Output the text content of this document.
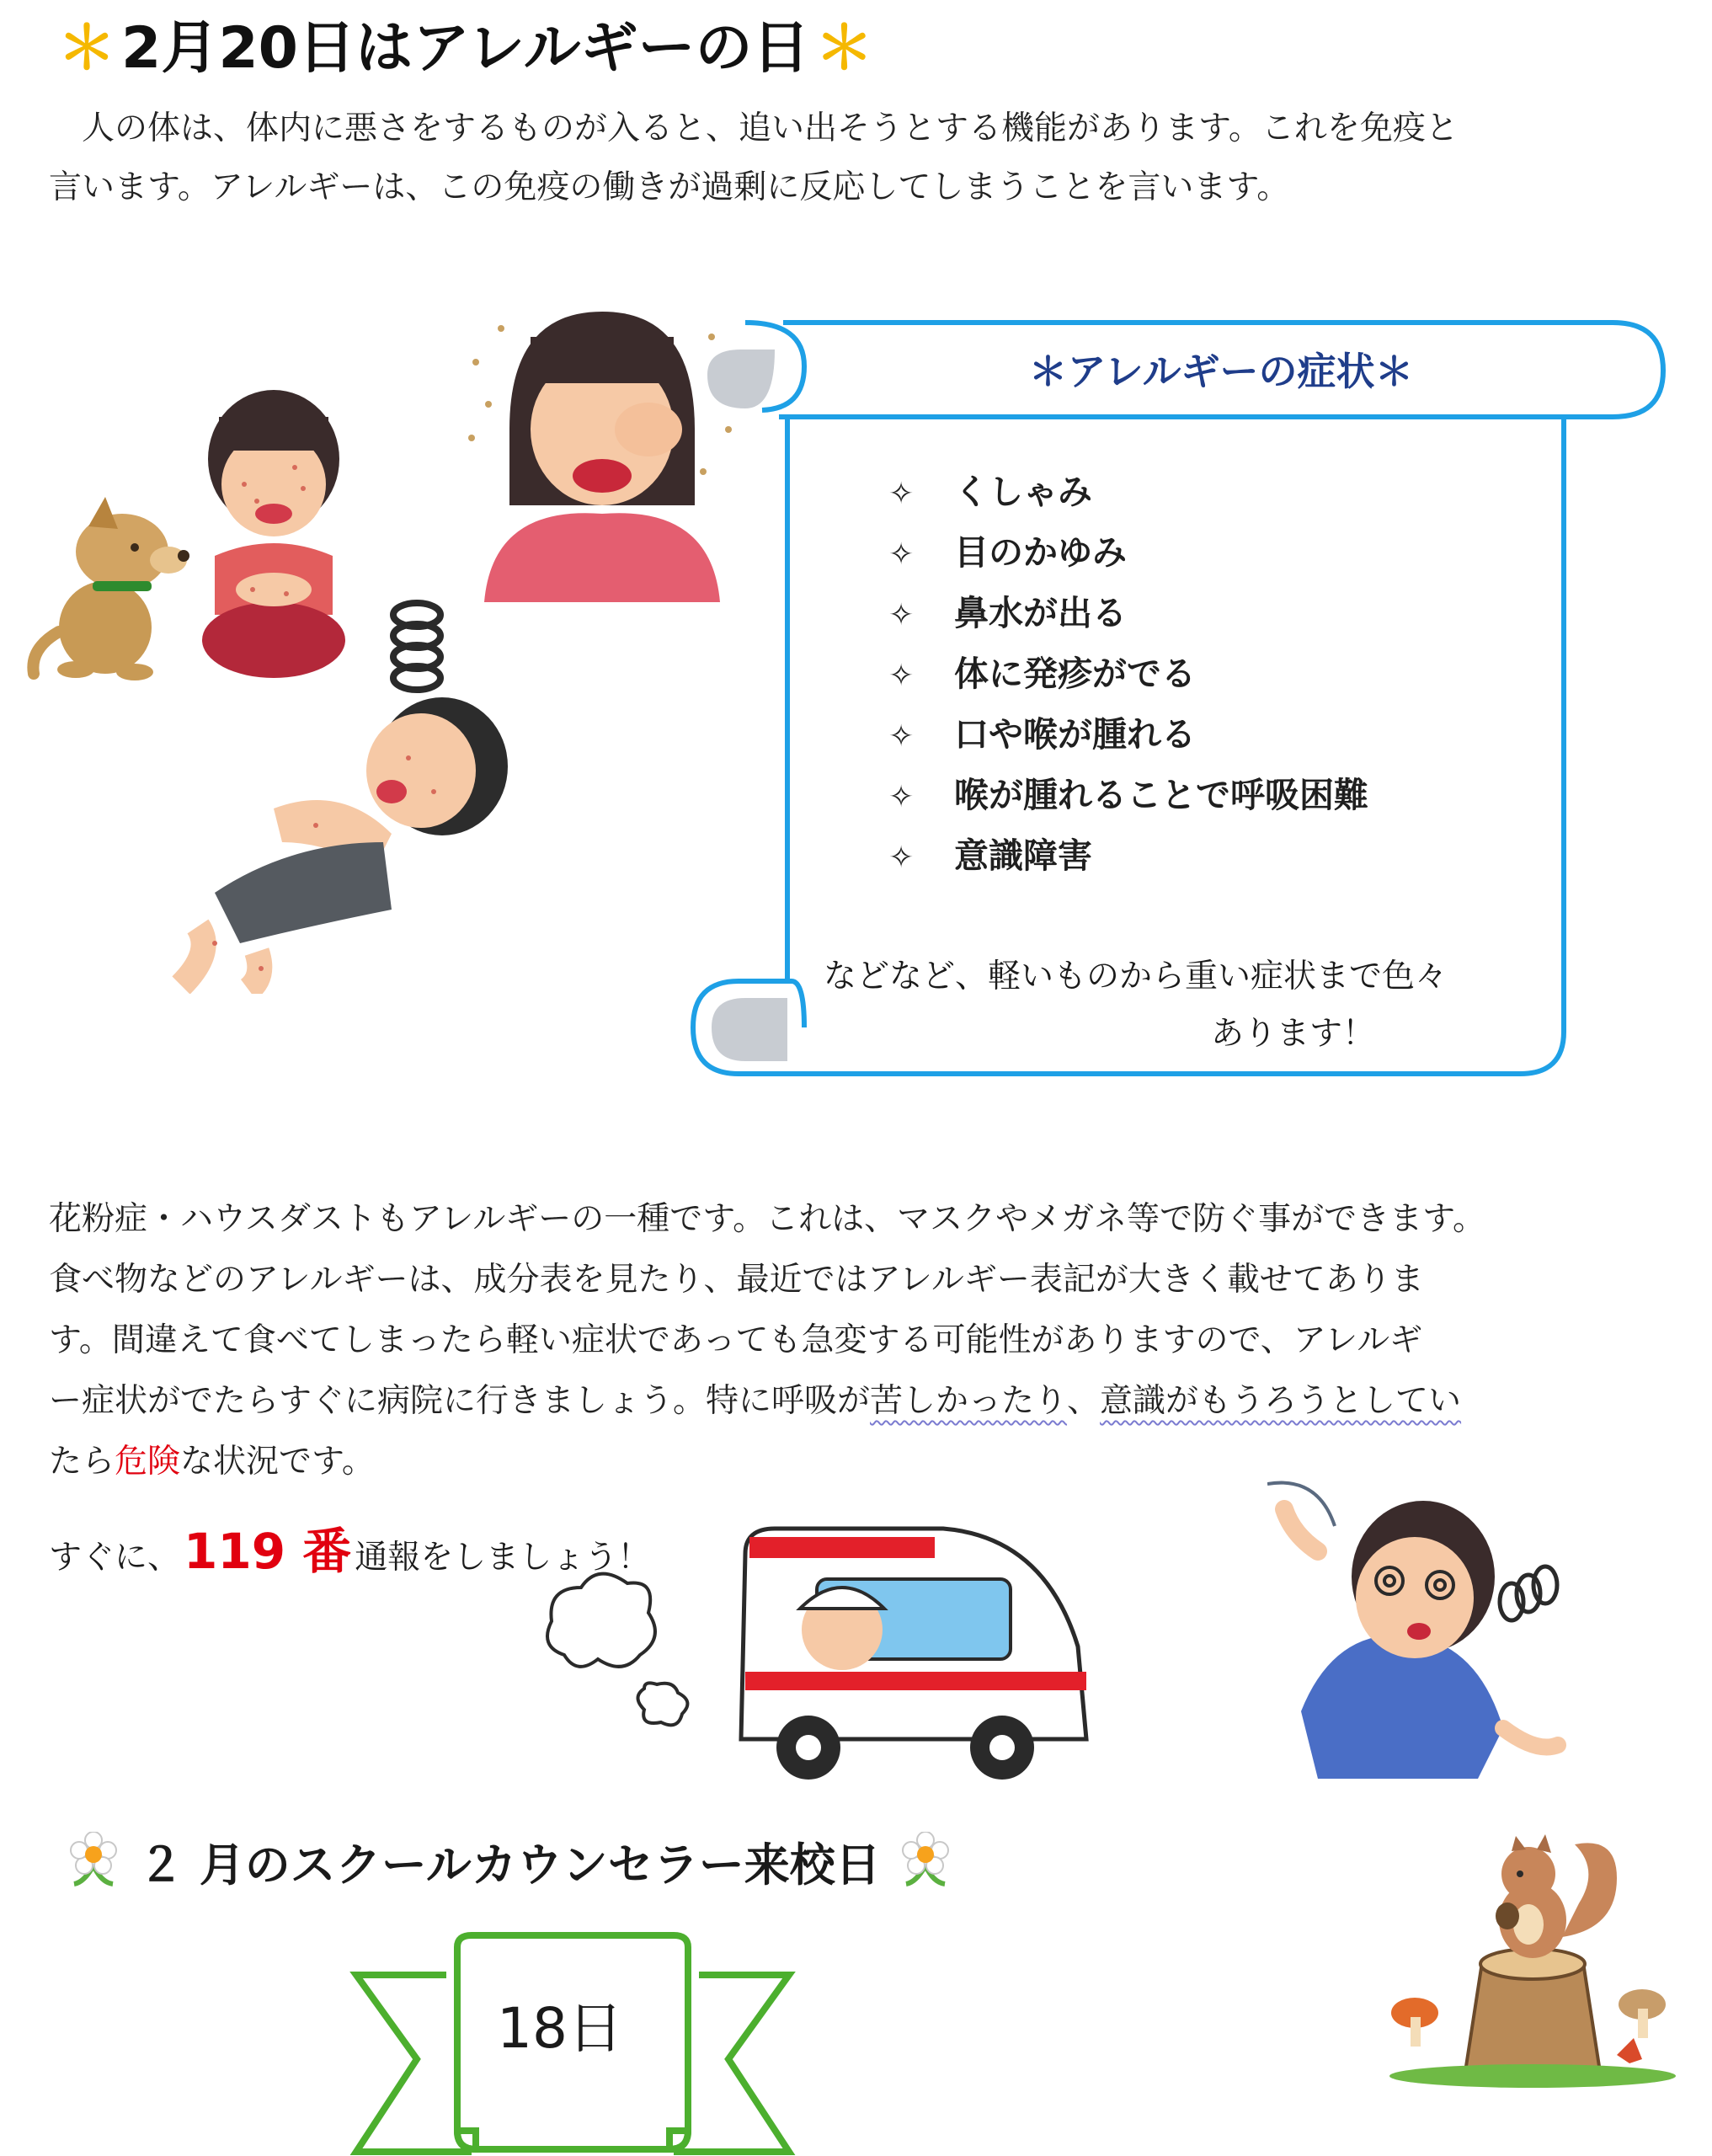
＊ 2月20日はアレルギーの日 ＊

　人の体は、体内に悪さをするものが入ると、追い出そうとする機能があります。これを免疫と

言います。アレルギーは、この免疫の働きが過剰に反応してしまうことを言います。

＊アレルギーの症状＊
✧ くしゃみ
✧ 目のかゆみ
✧ 鼻水が出る
✧ 体に発疹がでる
✧ 口や喉が腫れる
✧ 喉が腫れることで呼吸困難
✧ 意識障害
などなど、軽いものから重い症状まで色々
あります！

花粉症・ハウスダストもアレルギーの一種です。これは、マスクやメガネ等で防ぐ事ができます。

食べ物などのアレルギーは、成分表を見たり、最近ではアレルギー表記が大きく載せてありま

す。間違えて食べてしまったら軽い症状であっても急変する可能性がありますので、アレルギ

ー症状がでたらすぐに病院に行きましょう。特に呼吸が苦しかったり、意識がもうろうとしてい

たら危険な状況です。

すぐに、 119 番 通報をしましょう！
２ 月のスクールカウンセラー来校日
18日
